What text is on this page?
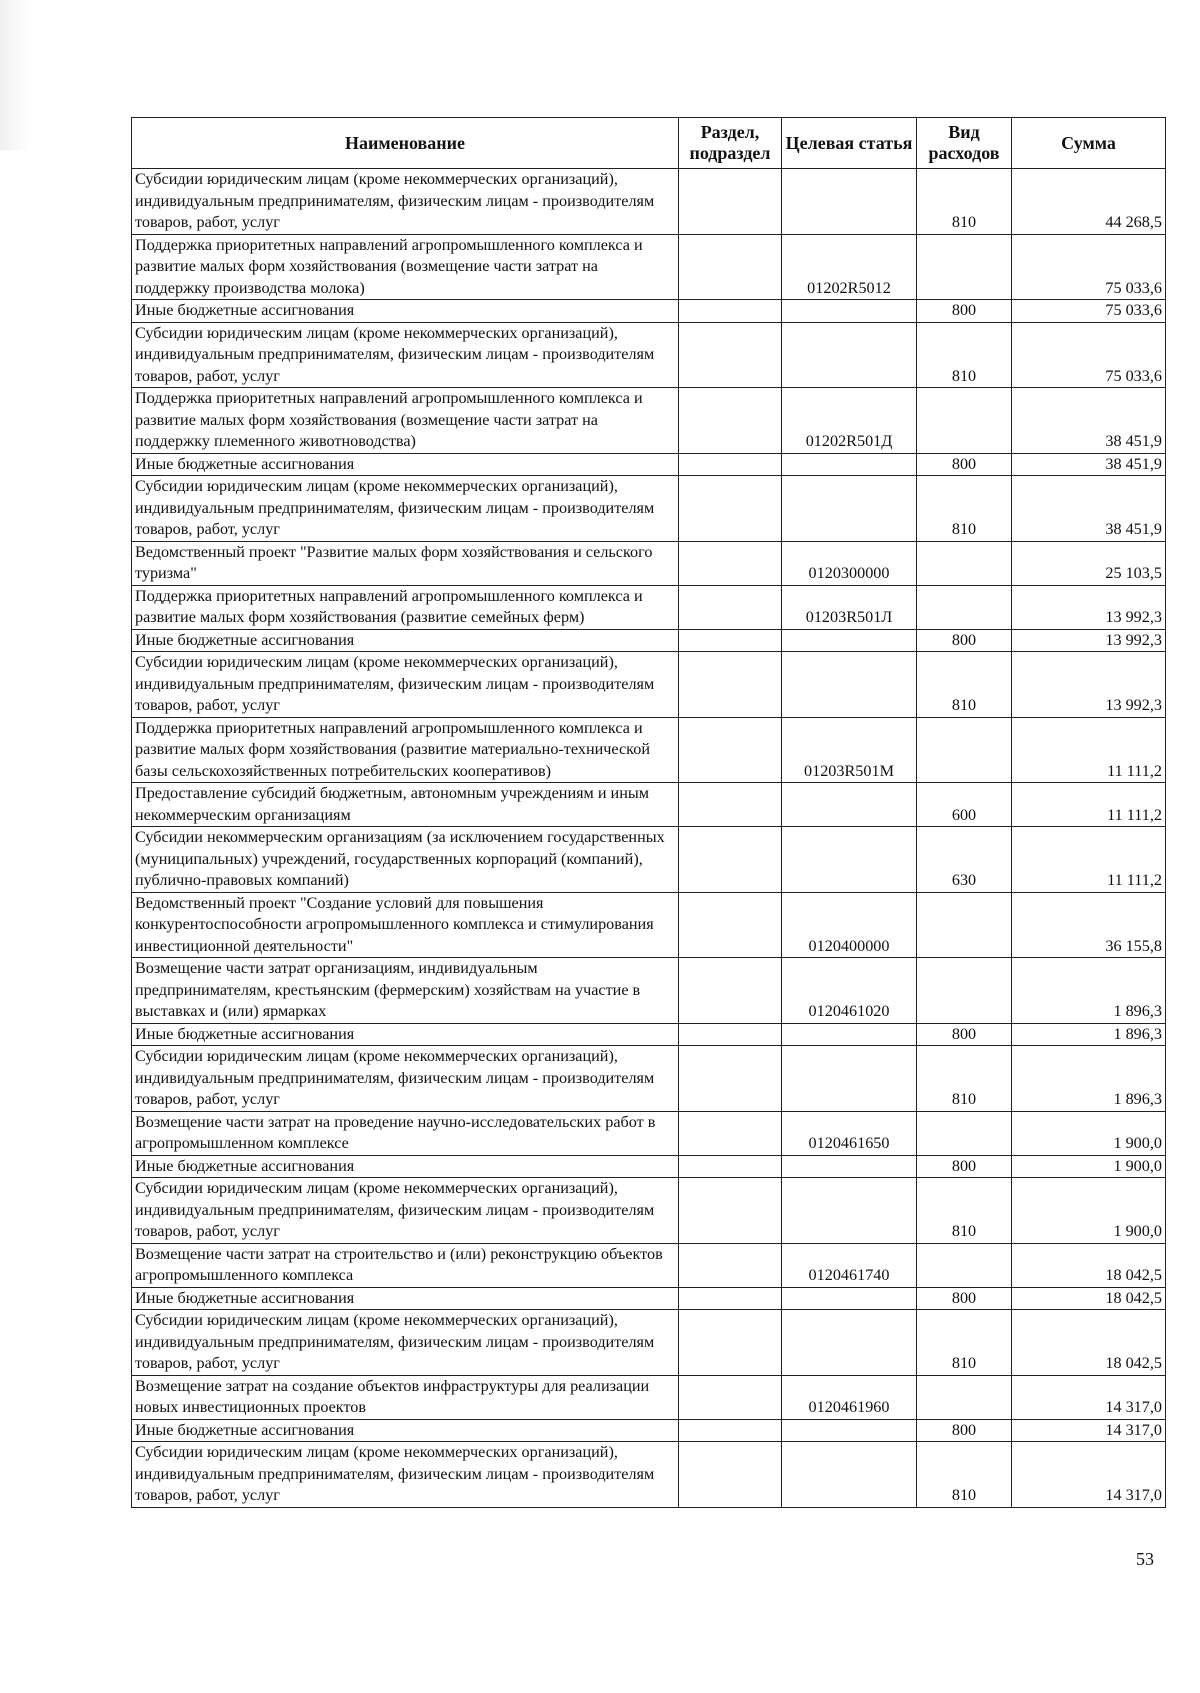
Наименование	Раздел, подраздел	Целевая статья	Вид расходов	Сумма
Субсидии юридическим лицам (кроме некоммерческих организаций), индивидуальным предпринимателям, физическим лицам - производителям товаров, работ, услуг			810	44 268,5
Поддержка приоритетных направлений агропромышленного комплекса и развитие малых форм хозяйствования (возмещение части затрат на поддержку производства молока)		01202R5012		75 033,6
Иные бюджетные ассигнования			800	75 033,6
Субсидии юридическим лицам (кроме некоммерческих организаций), индивидуальным предпринимателям, физическим лицам - производителям товаров, работ, услуг			810	75 033,6
Поддержка приоритетных направлений агропромышленного комплекса и развитие малых форм хозяйствования (возмещение части затрат на поддержку племенного животноводства)		01202R501Д		38 451,9
Иные бюджетные ассигнования			800	38 451,9
Субсидии юридическим лицам (кроме некоммерческих организаций), индивидуальным предпринимателям, физическим лицам - производителям товаров, работ, услуг			810	38 451,9
Ведомственный проект "Развитие малых форм хозяйствования и сельского туризма"		0120300000		25 103,5
Поддержка приоритетных направлений агропромышленного комплекса и развитие малых форм хозяйствования (развитие семейных ферм)		01203R501Л		13 992,3
Иные бюджетные ассигнования			800	13 992,3
Субсидии юридическим лицам (кроме некоммерческих организаций), индивидуальным предпринимателям, физическим лицам - производителям товаров, работ, услуг			810	13 992,3
Поддержка приоритетных направлений агропромышленного комплекса и развитие малых форм хозяйствования (развитие материально-технической базы сельскохозяйственных потребительских кооперативов)		01203R501М		11 111,2
Предоставление субсидий бюджетным, автономным учреждениям и иным некоммерческим организациям			600	11 111,2
Субсидии некоммерческим организациям (за исключением государственных (муниципальных) учреждений, государственных корпораций (компаний), публично-правовых компаний)			630	11 111,2
Ведомственный проект "Создание условий для повышения конкурентоспособности агропромышленного комплекса и стимулирования инвестиционной деятельности"		0120400000		36 155,8
Возмещение части затрат организациям, индивидуальным предпринимателям, крестьянским (фермерским) хозяйствам на участие в выставках и (или) ярмарках		0120461020		1 896,3
Иные бюджетные ассигнования			800	1 896,3
Субсидии юридическим лицам (кроме некоммерческих организаций), индивидуальным предпринимателям, физическим лицам - производителям товаров, работ, услуг			810	1 896,3
Возмещение части затрат на проведение научно-исследовательских работ в агропромышленном комплексе		0120461650		1 900,0
Иные бюджетные ассигнования			800	1 900,0
Субсидии юридическим лицам (кроме некоммерческих организаций), индивидуальным предпринимателям, физическим лицам - производителям товаров, работ, услуг			810	1 900,0
Возмещение части затрат на строительство и (или) реконструкцию объектов агропромышленного комплекса		0120461740		18 042,5
Иные бюджетные ассигнования			800	18 042,5
Субсидии юридическим лицам (кроме некоммерческих организаций), индивидуальным предпринимателям, физическим лицам - производителям товаров, работ, услуг			810	18 042,5
Возмещение затрат на создание объектов инфраструктуры для реализации новых инвестиционных проектов		0120461960		14 317,0
Иные бюджетные ассигнования			800	14 317,0
Субсидии юридическим лицам (кроме некоммерческих организаций), индивидуальным предпринимателям, физическим лицам - производителям товаров, работ, услуг			810	14 317,0
53
